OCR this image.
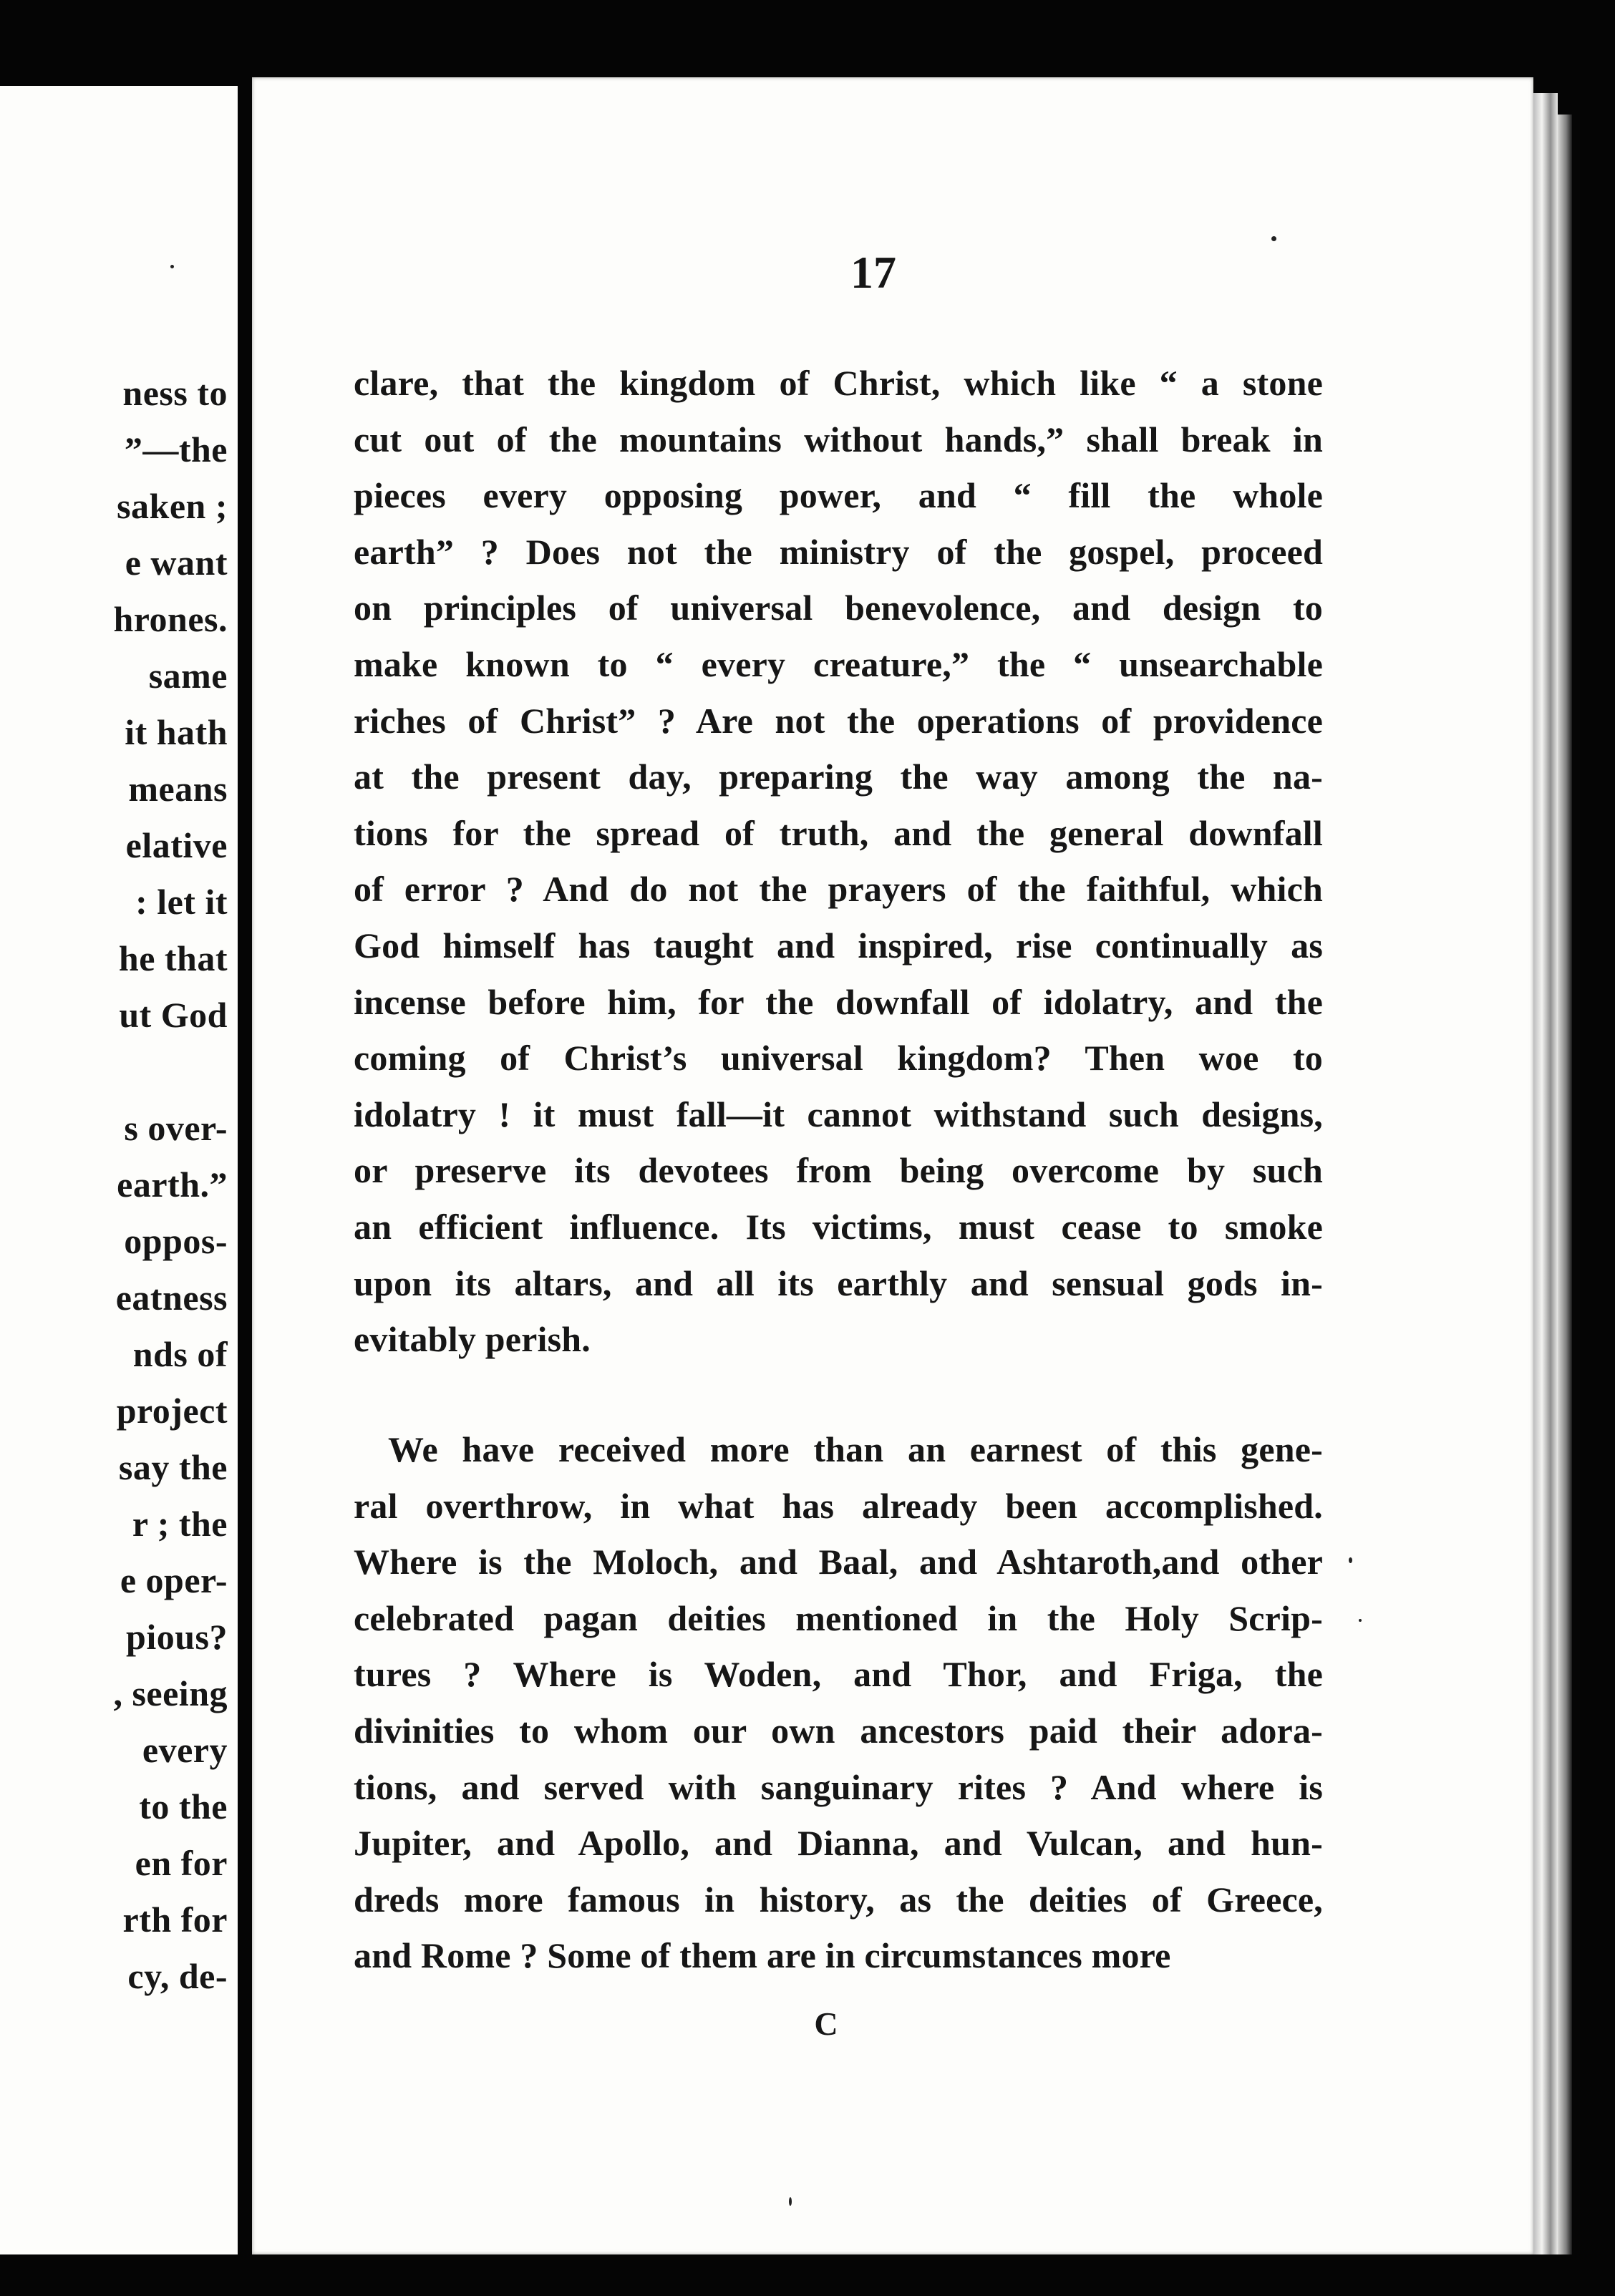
ness to
”—the
saken ;
e want
hrones.
same
it hath
means
elative
: let it
he that
ut God
s over-
earth.”
oppos-
eatness
nds of
project
say the
r ; the
e oper-
pious?
, seeing
every
to the
en for
rth for
cy, de-
17
clare, that the kingdom of Christ, which like “ a stone
cut out of the mountains without hands,” shall break in
pieces every opposing power, and “ fill the whole
earth” ? Does not the ministry of the gospel, proceed
on principles of universal benevolence, and design to
make known to “ every creature,” the “ unsearchable
riches of Christ” ? Are not the operations of providence
at the present day, preparing the way among the na-
tions for the spread of truth, and the general downfall
of error ? And do not the prayers of the faithful, which
God himself has taught and inspired, rise continually as
incense before him, for the downfall of idolatry, and the
coming of Christ’s universal kingdom? Then woe to
idolatry ! it must fall—it cannot withstand such designs,
or preserve its devotees from being overcome by such
an efficient influence. Its victims, must cease to smoke
upon its altars, and all its earthly and sensual gods in-
evitably perish.
We have received more than an earnest of this gene-
ral overthrow, in what has already been accomplished.
Where is the Moloch, and Baal, and Ashtaroth,and other
celebrated pagan deities mentioned in the Holy Scrip-
tures ? Where is Woden, and Thor, and Friga, the
divinities to whom our own ancestors paid their adora-
tions, and served with sanguinary rites ? And where is
Jupiter, and Apollo, and Dianna, and Vulcan, and hun-
dreds more famous in history, as the deities of Greece,
and Rome ? Some of them are in circumstances more
C
